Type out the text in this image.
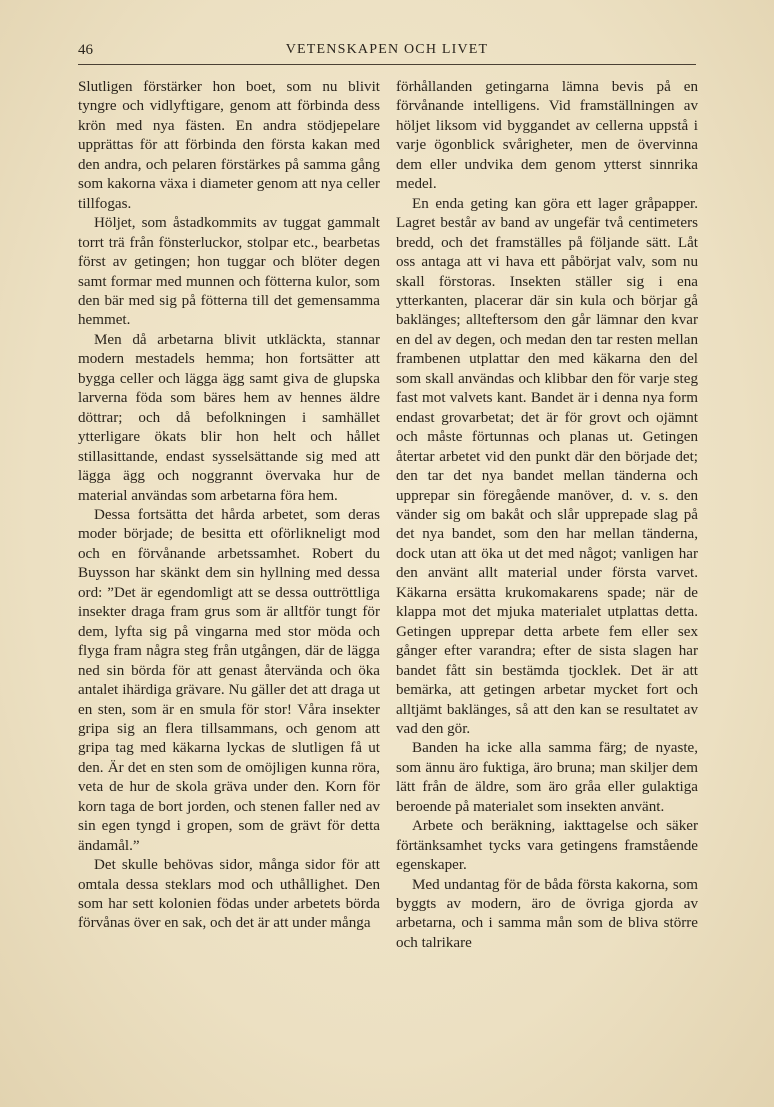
46	VETENSKAPEN OCH LIVET

Slutligen förstärker hon boet, som nu blivit tyngre och vidlyftigare, genom att förbinda dess krön med nya fästen. En andra stödjepelare upprättas för att förbinda den första kakan med den andra, och pelaren förstärkes på samma gång som kakorna växa i diameter genom att nya celler tillfogas.

Höljet, som åstadkommits av tuggat gammalt torrt trä från fönsterluckor, stolpar etc., bearbetas först av getingen; hon tuggar och blöter degen samt formar med munnen och fötterna kulor, som den bär med sig på fötterna till det gemensamma hemmet.

Men då arbetarna blivit utkläckta, stannar modern mestadels hemma; hon fortsätter att bygga celler och lägga ägg samt giva de glupska larverna föda som bäres hem av hennes äldre döttrar; och då befolkningen i samhället ytterligare ökats blir hon helt och hållet stillasittande, endast sysselsättande sig med att lägga ägg och noggrannt övervaka hur de material användas som arbetarna föra hem.

Dessa fortsätta det hårda arbetet, som deras moder började; de besitta ett oförlikneligt mod och en förvånande arbetssamhet. Robert du Buysson har skänkt dem sin hyllning med dessa ord: ”Det är egendomligt att se dessa outtröttliga insekter draga fram grus som är alltför tungt för dem, lyfta sig på vingarna med stor möda och flyga fram några steg från utgången, där de lägga ned sin börda för att genast återvända och öka antalet ihärdiga grävare. Nu gäller det att draga ut en sten, som är en smula för stor! Våra insekter gripa sig an flera tillsammans, och genom att gripa tag med käkarna lyckas de slutligen få ut den. Är det en sten som de omöjligen kunna röra, veta de hur de skola gräva under den. Korn för korn taga de bort jorden, och stenen faller ned av sin egen tyngd i gropen, som de grävt för detta ändamål.”

Det skulle behövas sidor, många sidor för att omtala dessa steklars mod och uthållighet. Den som har sett kolonien födas under arbetets börda förvånas över en sak, och det är att under många

förhållanden getingarna lämna bevis på en förvånande intelligens. Vid framställningen av höljet liksom vid byggandet av cellerna uppstå i varje ögonblick svårigheter, men de övervinna dem eller undvika dem genom ytterst sinnrika medel.

En enda geting kan göra ett lager gråpapper. Lagret består av band av ungefär två centimeters bredd, och det framställes på följande sätt. Låt oss antaga att vi hava ett påbörjat valv, som nu skall förstoras. Insekten ställer sig i ena ytterkanten, placerar där sin kula och börjar gå baklänges; allteftersom den går lämnar den kvar en del av degen, och medan den tar resten mellan frambenen utplattar den med käkarna den del som skall användas och klibbar den för varje steg fast mot valvets kant. Bandet är i denna nya form endast grovarbetat; det är för grovt och ojämnt och måste förtunnas och planas ut. Getingen återtar arbetet vid den punkt där den började det; den tar det nya bandet mellan tänderna och upprepar sin föregående manöver, d. v. s. den vänder sig om bakåt och slår upprepade slag på det nya bandet, som den har mellan tänderna, dock utan att öka ut det med något; vanligen har den använt allt material under första varvet. Käkarna ersätta krukomakarens spade; när de klappa mot det mjuka materialet utplattas detta. Getingen upprepar detta arbete fem eller sex gånger efter varandra; efter de sista slagen har bandet fått sin bestämda tjocklek. Det är att bemärka, att getingen arbetar mycket fort och alltjämt baklänges, så att den kan se resultatet av vad den gör.

Banden ha icke alla samma färg; de nyaste, som ännu äro fuktiga, äro bruna; man skiljer dem lätt från de äldre, som äro gråa eller gulaktiga beroende på materialet som insekten använt.

Arbete och beräkning, iakttagelse och säker förtänksamhet tycks vara getingens framstående egenskaper.

Med undantag för de båda första kakorna, som byggts av modern, äro de övriga gjorda av arbetarna, och i samma mån som de bliva större och talrikare
